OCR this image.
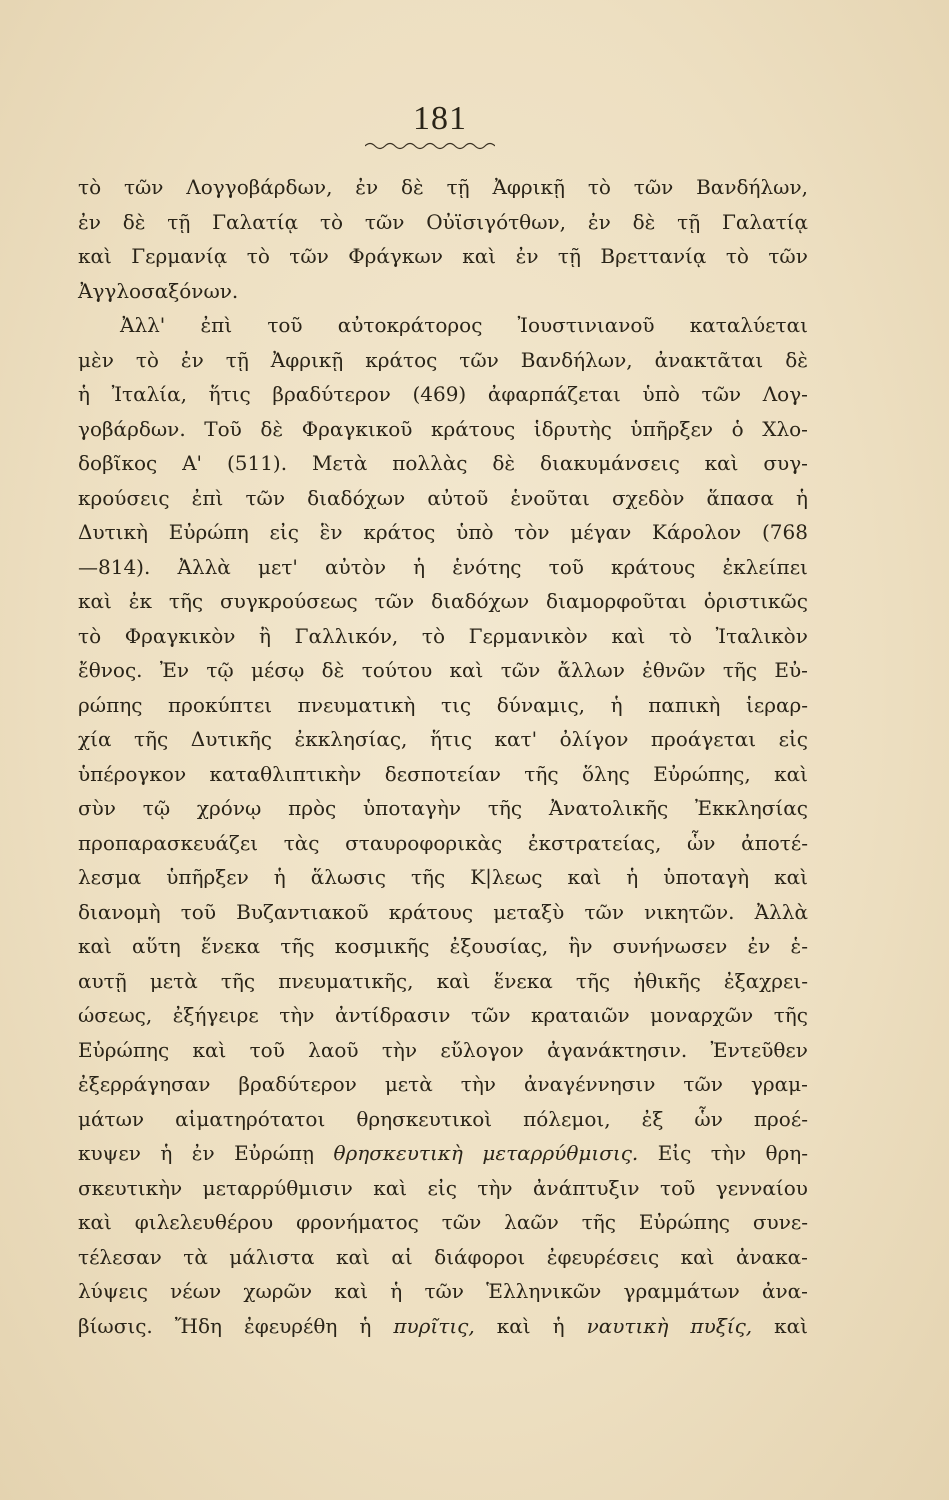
181
τὸ τῶν Λογγοβάρδων, ἐν δὲ τῇ Ἀφρικῇ τὸ τῶν Βανδήλων,
ἐν δὲ τῇ Γαλατίᾳ τὸ τῶν Οὐϊσιγότθων, ἐν δὲ τῇ Γαλατίᾳ
καὶ Γερμανίᾳ τὸ τῶν Φράγκων καὶ ἐν τῇ Βρεττανίᾳ τὸ τῶν
Ἀγγλοσαξόνων.
Ἀλλ' ἐπὶ τοῦ αὐτοκράτορος Ἰουστινιανοῦ καταλύεται
μὲν τὸ ἐν τῇ Ἀφρικῇ κράτος τῶν Βανδήλων, ἀνακτᾶται δὲ
ἡ Ἰταλία, ἥτις βραδύτερον (469) ἀφαρπάζεται ὑπὸ τῶν Λογ-
γοβάρδων. Τοῦ δὲ Φραγκικοῦ κράτους ἱδρυτὴς ὑπῆρξεν ὁ Χλο-
δοβῖκος Α' (511). Μετὰ πολλὰς δὲ διακυμάνσεις καὶ συγ-
κρούσεις ἐπὶ τῶν διαδόχων αὐτοῦ ἑνοῦται σχεδὸν ἅπασα ἡ
Δυτικὴ Εὐρώπη εἰς ἓν κράτος ὑπὸ τὸν μέγαν Κάρολον (768
—814). Ἀλλὰ μετ' αὐτὸν ἡ ἑνότης τοῦ κράτους ἐκλείπει
καὶ ἐκ τῆς συγκρούσεως τῶν διαδόχων διαμορφοῦται ὁριστικῶς
τὸ Φραγκικὸν ἢ Γαλλικόν, τὸ Γερμανικὸν καὶ τὸ Ἰταλικὸν
ἔθνος. Ἐν τῷ μέσῳ δὲ τούτου καὶ τῶν ἄλλων ἐθνῶν τῆς Εὐ-
ρώπης προκύπτει πνευματικὴ τις δύναμις, ἡ παπικὴ ἱεραρ-
χία τῆς Δυτικῆς ἐκκλησίας, ἥτις κατ' ὀλίγον προάγεται εἰς
ὑπέρογκον καταθλιπτικὴν δεσποτείαν τῆς ὅλης Εὐρώπης, καὶ
σὺν τῷ χρόνῳ πρὸς ὑποταγὴν τῆς Ἀνατολικῆς Ἐκκλησίας
προπαρασκευάζει τὰς σταυροφορικὰς ἐκστρατείας, ὧν ἀποτέ-
λεσμα ὑπῆρξεν ἡ ἅλωσις τῆς Κ|λεως καὶ ἡ ὑποταγὴ καὶ
διανομὴ τοῦ Βυζαντιακοῦ κράτους μεταξὺ τῶν νικητῶν. Ἀλλὰ
καὶ αὕτη ἕνεκα τῆς κοσμικῆς ἐξουσίας, ἣν συνήνωσεν ἐν ἑ-
αυτῇ μετὰ τῆς πνευματικῆς, καὶ ἕνεκα τῆς ἠθικῆς ἐξαχρει-
ώσεως, ἐξήγειρε τὴν ἀντίδρασιν τῶν κραταιῶν μοναρχῶν τῆς
Εὐρώπης καὶ τοῦ λαοῦ τὴν εὔλογον ἀγανάκτησιν. Ἐντεῦθεν
ἐξερράγησαν βραδύτερον μετὰ τὴν ἀναγέννησιν τῶν γραμ-
μάτων αἱματηρότατοι θρησκευτικοὶ πόλεμοι, ἐξ ὧν προέ-
κυψεν ἡ ἐν Εὐρώπῃ θρησκευτικὴ μεταρρύθμισις. Εἰς τὴν θρη-
σκευτικὴν μεταρρύθμισιν καὶ εἰς τὴν ἀνάπτυξιν τοῦ γενναίου
καὶ φιλελευθέρου φρονήματος τῶν λαῶν τῆς Εὐρώπης συνε-
τέλεσαν τὰ μάλιστα καὶ αἱ διάφοροι ἐφευρέσεις καὶ ἀνακα-
λύψεις νέων χωρῶν καὶ ἡ τῶν Ἑλληνικῶν γραμμάτων ἀνα-
βίωσις. Ἤδη ἐφευρέθη ἡ πυρῖτις, καὶ ἡ ναυτικὴ πυξίς, καὶ
